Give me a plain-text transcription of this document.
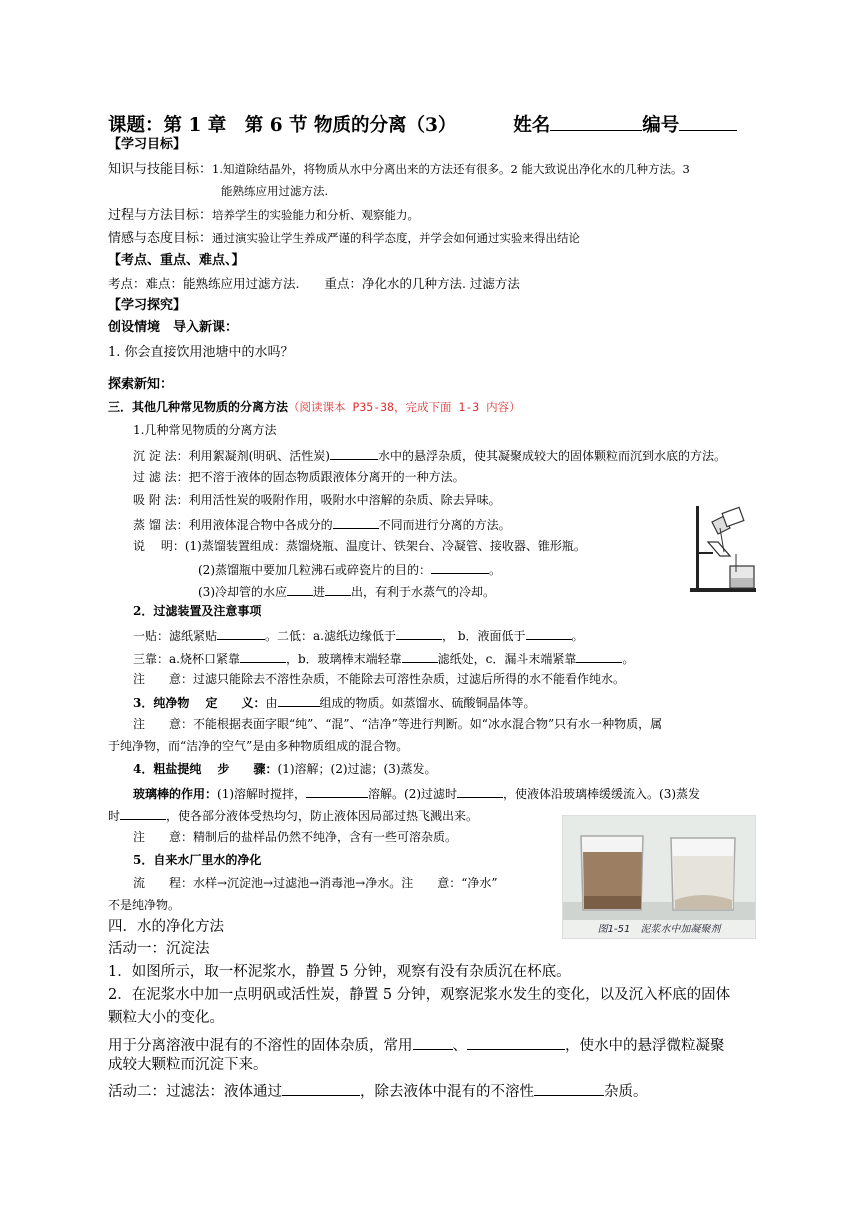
课题：第 1 章　第 6 节 物质的分离（3）	姓名	编号
【学习目标】
知识与技能目标：1.知道除结晶外，将物质从水中分离出来的方法还有很多。2 能大致说出净化水的几种方法。3
能熟练应用过滤方法.
过程与方法目标：培养学生的实验能力和分析、观察能力。
情感与态度目标：通过演实验让学生养成严谨的科学态度，并学会如何通过实验来得出结论
【考点、重点、难点、】
考点：难点：能熟练应用过滤方法.　　重点：净化水的几种方法. 过滤方法
【学习探究】
创设情境　导入新课：
1. 你会直接饮用池塘中的水吗？
探索新知：
三．其他几种常见物质的分离方法（阅读课本 P35-38，完成下面 1-3 内容）
1.几种常见物质的分离方法
沉 淀 法：利用絮凝剂(明矾、活性炭)	水中的悬浮杂质，使其凝聚成较大的固体颗粒而沉到水底的方法。
过 滤 法：把不溶于液体的固态物质跟液体分离开的一种方法。
吸 附 法：利用活性炭的吸附作用，吸附水中溶解的杂质、除去异味。
蒸 馏 法：利用液体混合物中各成分的	不同而进行分离的方法。
说　 明：(1)蒸馏装置组成：蒸馏烧瓶、温度计、铁架台、冷凝管、接收器、锥形瓶。
(2)蒸馏瓶中要加几粒沸石或碎瓷片的目的：	。
(3)冷却管的水应 进 出，有利于水蒸气的冷却。
2．过滤装置及注意事项
一贴：滤纸紧贴	。二低：a.滤纸边缘低于	， b．液面低于	。
三靠：a.烧杯口紧靠	，b．玻璃棒末端轻靠	滤纸处，c．漏斗末端紧靠	。
注　　意：过滤只能除去不溶性杂质，不能除去可溶性杂质，过滤后所得的水不能看作纯水。
3．纯净物　 定　　义：由	组成的物质。如蒸馏水、硫酸铜晶体等。
注　　意：不能根据表面字眼“纯”、“混”、“洁净”等进行判断。如“冰水混合物”只有水一种物质，属
于纯净物，而“洁净的空气”是由多种物质组成的混合物。
4．粗盐提纯　 步　　骤：(1)溶解；(2)过滤；(3)蒸发。
玻璃棒的作用：(1)溶解时搅拌，	溶解。(2)过滤时	，使液体沿玻璃棒缓缓流入。(3)蒸发
时	，使各部分液体受热均匀，防止液体因局部过热飞溅出来。
注　　意：精制后的盐样品仍然不纯净，含有一些可溶杂质。
5．自来水厂里水的净化
流　　程：水样→沉淀池→过滤池→消毒池→净水。注　　意：“净水”
不是纯净物。
图1-51　泥浆水中加凝聚剂
四．水的净化方法
活动一：沉淀法
1．如图所示，取一杯泥浆水，静置 5 分钟，观察有没有杂质沉在杯底。
2．在泥浆水中加一点明矾或活性炭，静置 5 分钟，观察泥浆水发生的变化，以及沉入杯底的固体
颗粒大小的变化。
用于分离溶液中混有的不溶性的固体杂质，常用	、	，使水中的悬浮微粒凝聚
成较大颗粒而沉淀下来。
活动二：过滤法：液体通过	，除去液体中混有的不溶性	杂质。
